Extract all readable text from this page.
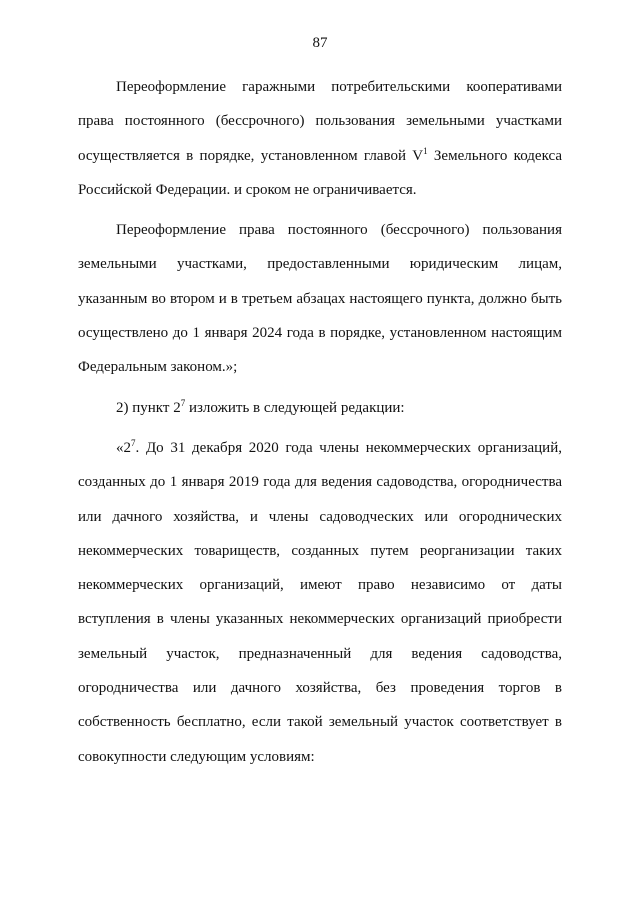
87

Переоформление гаражными потребительскими кооперативами права постоянного (бессрочного) пользования земельными участками осуществляется в порядке, установленном главой $V^1$ Земельного кодекса Российской Федерации. и сроком не ограничивается.

Переоформление права постоянного (бессрочного) пользования земельными участками, предоставленными юридическим лицам, указанным во втором и в третьем абзацах настоящего пункта, должно быть осуществлено до 1 января 2024 года в порядке, установленном настоящим Федеральным законом.»;

2) пункт $2^7$ изложить в следующей редакции:

«$2^7$. До 31 декабря 2020 года члены некоммерческих организаций, созданных до 1 января 2019 года для ведения садоводства, огородничества или дачного хозяйства, и члены садоводческих или огороднических некоммерческих товариществ, созданных путем реорганизации таких некоммерческих организаций, имеют право независимо от даты вступления в члены указанных некоммерческих организаций приобрести земельный участок, предназначенный для ведения садоводства, огородничества или дачного хозяйства, без проведения торгов в собственность бесплатно, если такой земельный участок соответствует в совокупности следующим условиям:
